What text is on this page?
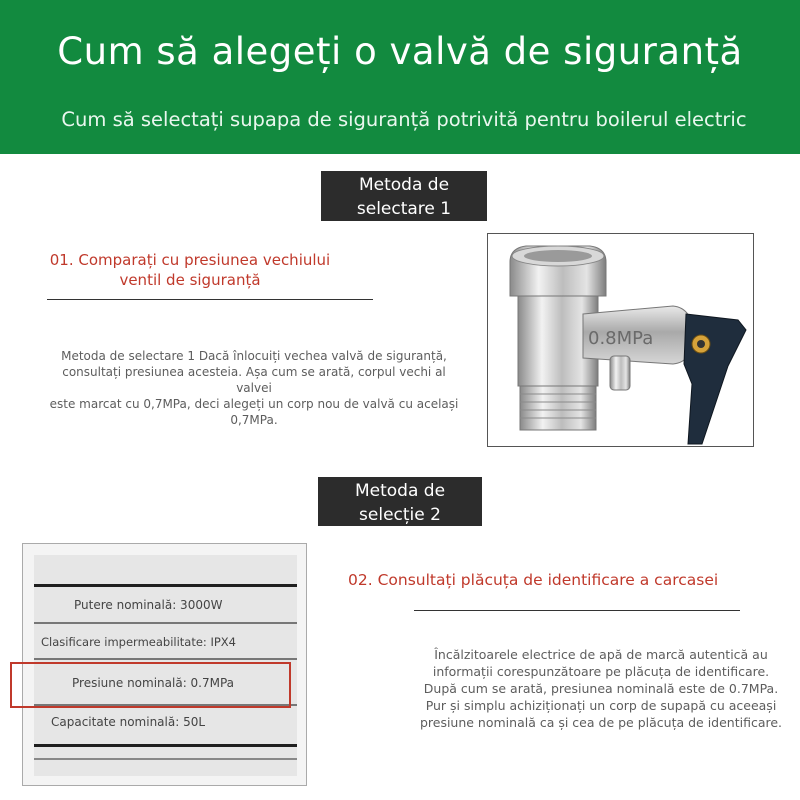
Cum să alegeți o valvă de siguranță
Cum să selectați supapa de siguranță potrivită pentru boilerul electric
Metoda de
selectare 1
01. Comparați cu presiunea vechiului
ventil de siguranță
Metoda de selectare 1 Dacă înlocuiți vechea valvă de siguranță,
consultați presiunea acesteia. Așa cum se arată, corpul vechi al valvei
este marcat cu 0,7MPa, deci alegeți un corp nou de valvă cu același
0,7MPa.
0.8MPa
Metoda de
selecție 2
Putere nominală: 3000W
Clasificare impermeabilitate: IPX4
Presiune nominală: 0.7MPa
Capacitate nominală: 50L
02. Consultați plăcuța de identificare a carcasei
Încălzitoarele electrice de apă de marcă autentică au
informații corespunzătoare pe plăcuța de identificare.
După cum se arată, presiunea nominală este de 0.7MPa.
Pur și simplu achiziționați un corp de supapă cu aceeași
presiune nominală ca și cea de pe plăcuța de identificare.
